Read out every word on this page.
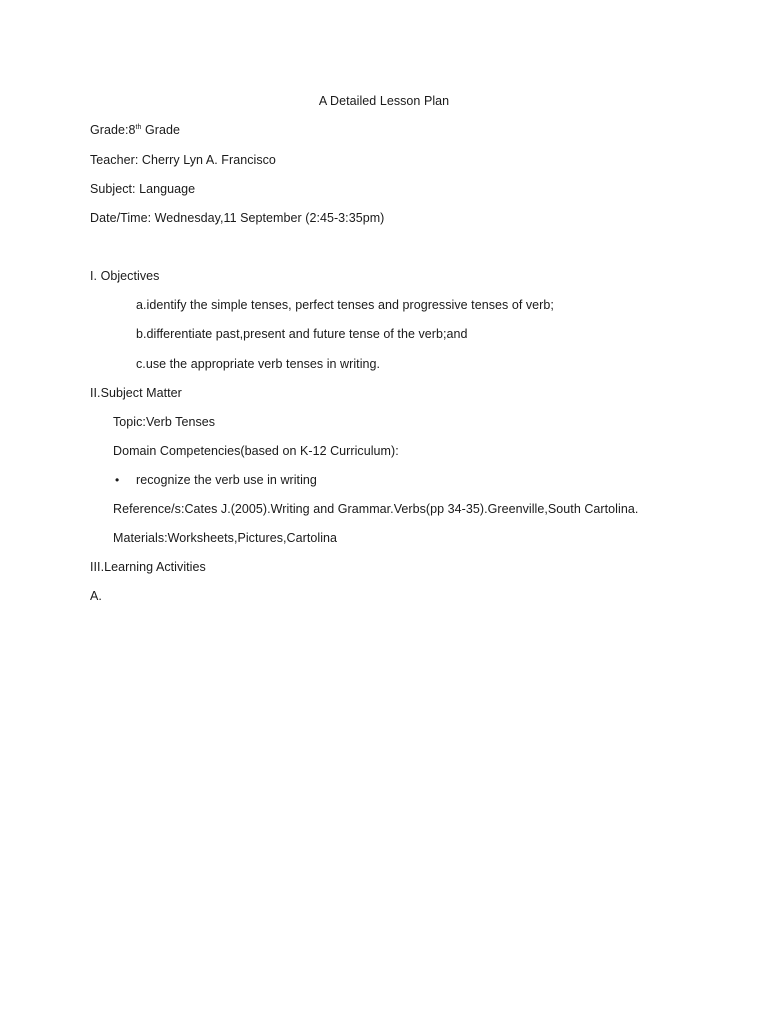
A Detailed Lesson Plan
Grade:8th Grade
Teacher: Cherry Lyn A. Francisco
Subject: Language
Date/Time: Wednesday,11 September (2:45-3:35pm)
I. Objectives
a.identify the simple tenses, perfect tenses and progressive tenses of verb;
b.differentiate past,present and future tense of the verb;and
c.use the appropriate verb tenses in writing.
II.Subject Matter
Topic:Verb Tenses
Domain Competencies(based on K-12 Curriculum):
• recognize the verb use in writing
Reference/s:Cates J.(2005).Writing and Grammar.Verbs(pp 34-35).Greenville,South Cartolina.
Materials:Worksheets,Pictures,Cartolina
III.Learning Activities
A.
